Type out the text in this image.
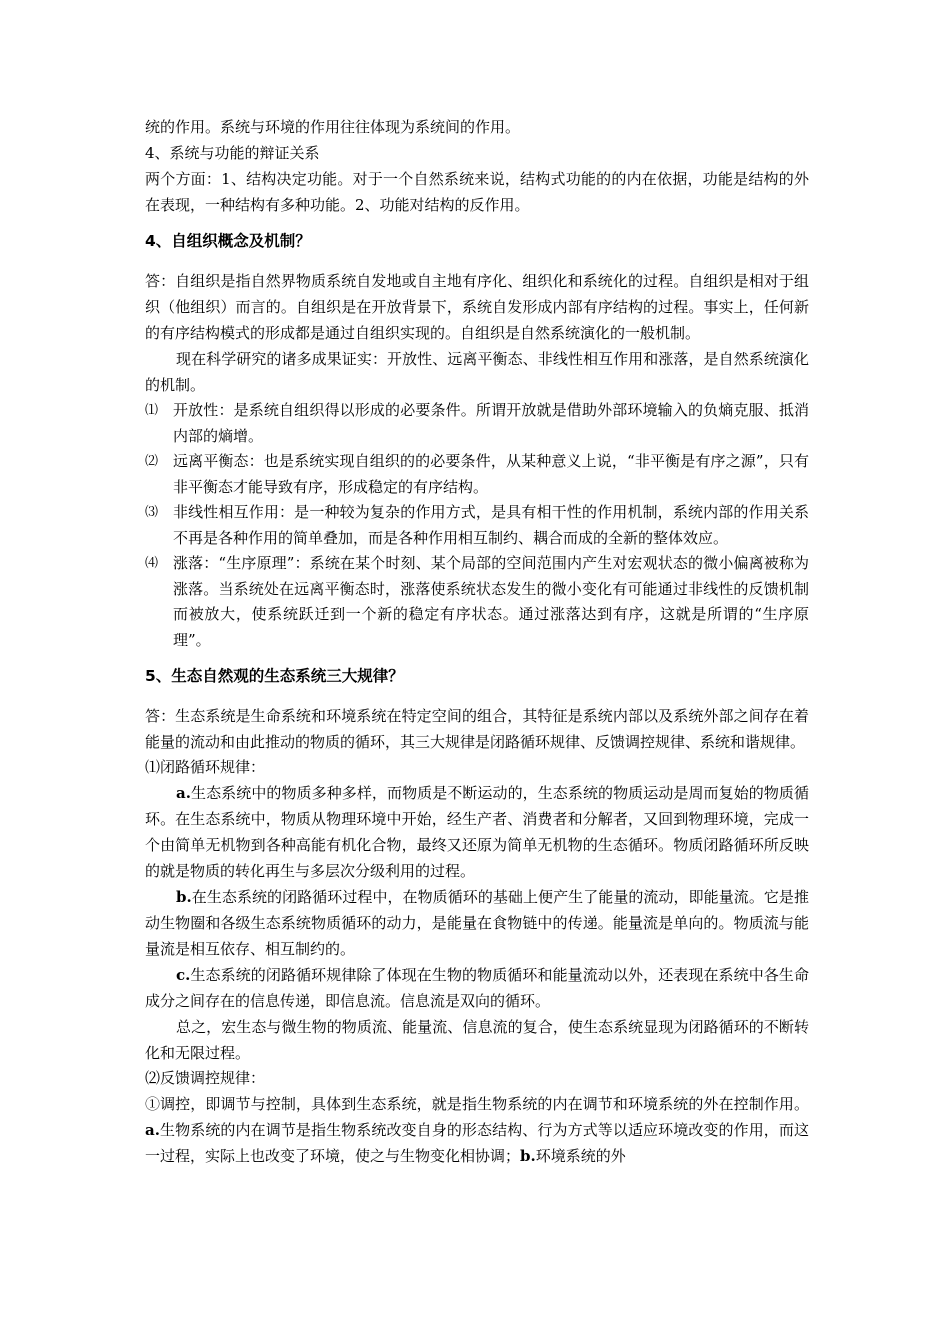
统的作用。系统与环境的作用往往体现为系统间的作用。

4、系统与功能的辩证关系

两个方面：1、结构决定功能。对于一个自然系统来说，结构式功能的的内在依据，功能是结构的外在表现，一种结构有多种功能。2、功能对结构的反作用。

4、自组织概念及机制？

答：自组织是指自然界物质系统自发地或自主地有序化、组织化和系统化的过程。自组织是相对于组织（他组织）而言的。自组织是在开放背景下，系统自发形成内部有序结构的过程。事实上，任何新的有序结构模式的形成都是通过自组织实现的。自组织是自然系统演化的一般机制。

现在科学研究的诸多成果证实：开放性、远离平衡态、非线性相互作用和涨落，是自然系统演化的机制。

⑴ 开放性：是系统自组织得以形成的必要条件。所谓开放就是借助外部环境输入的负熵克服、抵消内部的熵增。
⑵ 远离平衡态：也是系统实现自组织的的必要条件，从某种意义上说，“非平衡是有序之源”，只有非平衡态才能导致有序，形成稳定的有序结构。
⑶ 非线性相互作用：是一种较为复杂的作用方式，是具有相干性的作用机制，系统内部的作用关系不再是各种作用的简单叠加，而是各种作用相互制约、耦合而成的全新的整体效应。
⑷ 涨落：“生序原理”：系统在某个时刻、某个局部的空间范围内产生对宏观状态的微小偏离被称为涨落。当系统处在远离平衡态时，涨落使系统状态发生的微小变化有可能通过非线性的反馈机制而被放大，使系统跃迁到一个新的稳定有序状态。通过涨落达到有序，这就是所谓的“生序原理”。

5、生态自然观的生态系统三大规律？

答：生态系统是生命系统和环境系统在特定空间的组合，其特征是系统内部以及系统外部之间存在着能量的流动和由此推动的物质的循环，其三大规律是闭路循环规律、反馈调控规律、系统和谐规律。

⑴闭路循环规律：

a.生态系统中的物质多种多样，而物质是不断运动的，生态系统的物质运动是周而复始的物质循环。在生态系统中，物质从物理环境中开始，经生产者、消费者和分解者，又回到物理环境，完成一个由简单无机物到各种高能有机化合物，最终又还原为简单无机物的生态循环。物质闭路循环所反映的就是物质的转化再生与多层次分级利用的过程。

b.在生态系统的闭路循环过程中，在物质循环的基础上便产生了能量的流动，即能量流。它是推动生物圈和各级生态系统物质循环的动力，是能量在食物链中的传递。能量流是单向的。物质流与能量流是相互依存、相互制约的。

c.生态系统的闭路循环规律除了体现在生物的物质循环和能量流动以外，还表现在系统中各生命成分之间存在的信息传递，即信息流。信息流是双向的循环。

总之，宏生态与微生物的物质流、能量流、信息流的复合，使生态系统显现为闭路循环的不断转化和无限过程。

⑵反馈调控规律：

①调控，即调节与控制，具体到生态系统，就是指生物系统的内在调节和环境系统的外在控制作用。a.生物系统的内在调节是指生物系统改变自身的形态结构、行为方式等以适应环境改变的作用，而这一过程，实际上也改变了环境，使之与生物变化相协调；b.环境系统的外
